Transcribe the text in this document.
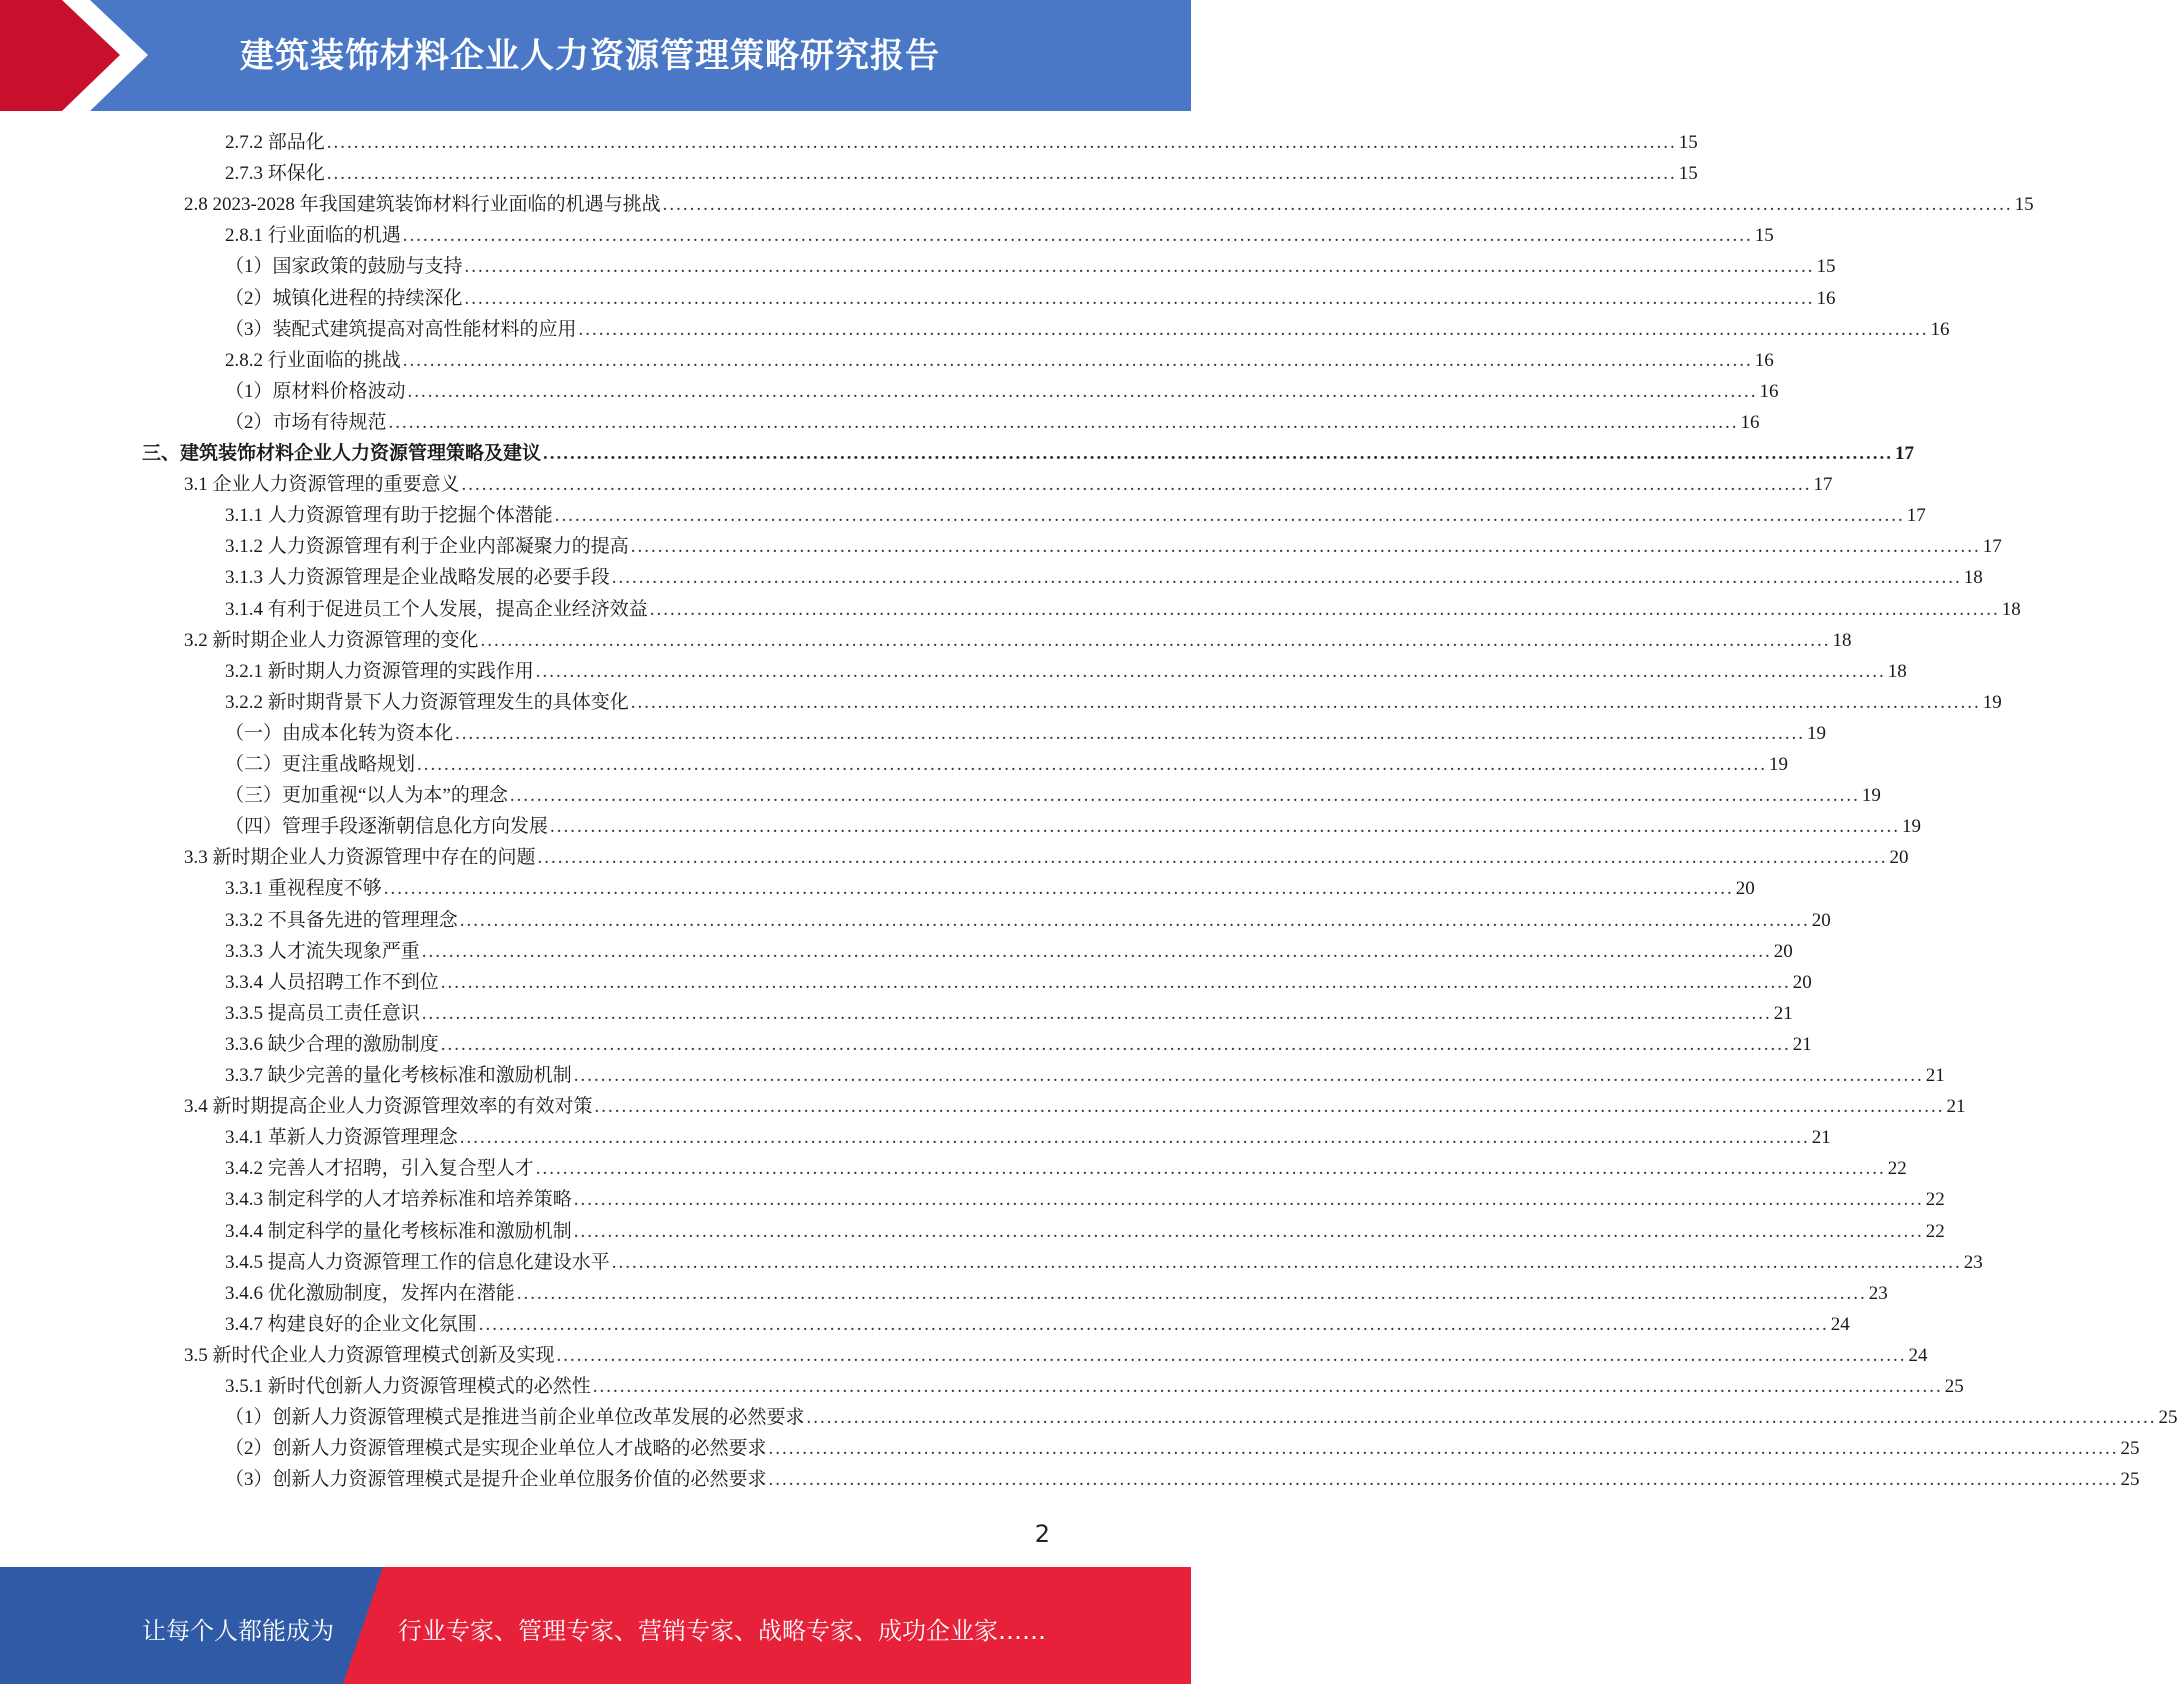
建筑装饰材料企业人力资源管理策略研究报告
2.7.2 部品化 ........................................................................................................................................................................................................ 15
2.7.3 环保化 ........................................................................................................................................................................................................ 15
2.8 2023-2028 年我国建筑装饰材料行业面临的机遇与挑战 ........................................................................................................................................................................................................ 15
2.8.1 行业面临的机遇 ........................................................................................................................................................................................................ 15
（1）国家政策的鼓励与支持 ........................................................................................................................................................................................................ 15
（2）城镇化进程的持续深化 ........................................................................................................................................................................................................ 16
（3）装配式建筑提高对高性能材料的应用 ........................................................................................................................................................................................................ 16
2.8.2 行业面临的挑战 ........................................................................................................................................................................................................ 16
（1）原材料价格波动 ........................................................................................................................................................................................................ 16
（2）市场有待规范 ........................................................................................................................................................................................................ 16
三、建筑装饰材料企业人力资源管理策略及建议 ........................................................................................................................................................................................................ 17
3.1 企业人力资源管理的重要意义 ........................................................................................................................................................................................................ 17
3.1.1 人力资源管理有助于挖掘个体潜能 ........................................................................................................................................................................................................ 17
3.1.2 人力资源管理有利于企业内部凝聚力的提高 ........................................................................................................................................................................................................ 17
3.1.3 人力资源管理是企业战略发展的必要手段 ........................................................................................................................................................................................................ 18
3.1.4 有利于促进员工个人发展，提高企业经济效益 ........................................................................................................................................................................................................ 18
3.2 新时期企业人力资源管理的变化 ........................................................................................................................................................................................................ 18
3.2.1 新时期人力资源管理的实践作用 ........................................................................................................................................................................................................ 18
3.2.2 新时期背景下人力资源管理发生的具体变化 ........................................................................................................................................................................................................ 19
（一）由成本化转为资本化 ........................................................................................................................................................................................................ 19
（二）更注重战略规划 ........................................................................................................................................................................................................ 19
（三）更加重视“以人为本”的理念 ........................................................................................................................................................................................................ 19
（四）管理手段逐渐朝信息化方向发展 ........................................................................................................................................................................................................ 19
3.3 新时期企业人力资源管理中存在的问题 ........................................................................................................................................................................................................ 20
3.3.1 重视程度不够 ........................................................................................................................................................................................................ 20
3.3.2 不具备先进的管理理念 ........................................................................................................................................................................................................ 20
3.3.3 人才流失现象严重 ........................................................................................................................................................................................................ 20
3.3.4 人员招聘工作不到位 ........................................................................................................................................................................................................ 20
3.3.5 提高员工责任意识 ........................................................................................................................................................................................................ 21
3.3.6 缺少合理的激励制度 ........................................................................................................................................................................................................ 21
3.3.7 缺少完善的量化考核标准和激励机制 ........................................................................................................................................................................................................ 21
3.4 新时期提高企业人力资源管理效率的有效对策 ........................................................................................................................................................................................................ 21
3.4.1 革新人力资源管理理念 ........................................................................................................................................................................................................ 21
3.4.2 完善人才招聘，引入复合型人才 ........................................................................................................................................................................................................ 22
3.4.3 制定科学的人才培养标准和培养策略 ........................................................................................................................................................................................................ 22
3.4.4 制定科学的量化考核标准和激励机制 ........................................................................................................................................................................................................ 22
3.4.5 提高人力资源管理工作的信息化建设水平 ........................................................................................................................................................................................................ 23
3.4.6 优化激励制度，发挥内在潜能 ........................................................................................................................................................................................................ 23
3.4.7 构建良好的企业文化氛围 ........................................................................................................................................................................................................ 24
3.5 新时代企业人力资源管理模式创新及实现 ........................................................................................................................................................................................................ 24
3.5.1 新时代创新人力资源管理模式的必然性 ........................................................................................................................................................................................................ 25
（1）创新人力资源管理模式是推进当前企业单位改革发展的必然要求 ........................................................................................................................................................................................................ 25
（2）创新人力资源管理模式是实现企业单位人才战略的必然要求 ........................................................................................................................................................................................................ 25
（3）创新人力资源管理模式是提升企业单位服务价值的必然要求 ........................................................................................................................................................................................................ 25
2
让每个人都能成为	行业专家、管理专家、营销专家、战略专家、成功企业家……
